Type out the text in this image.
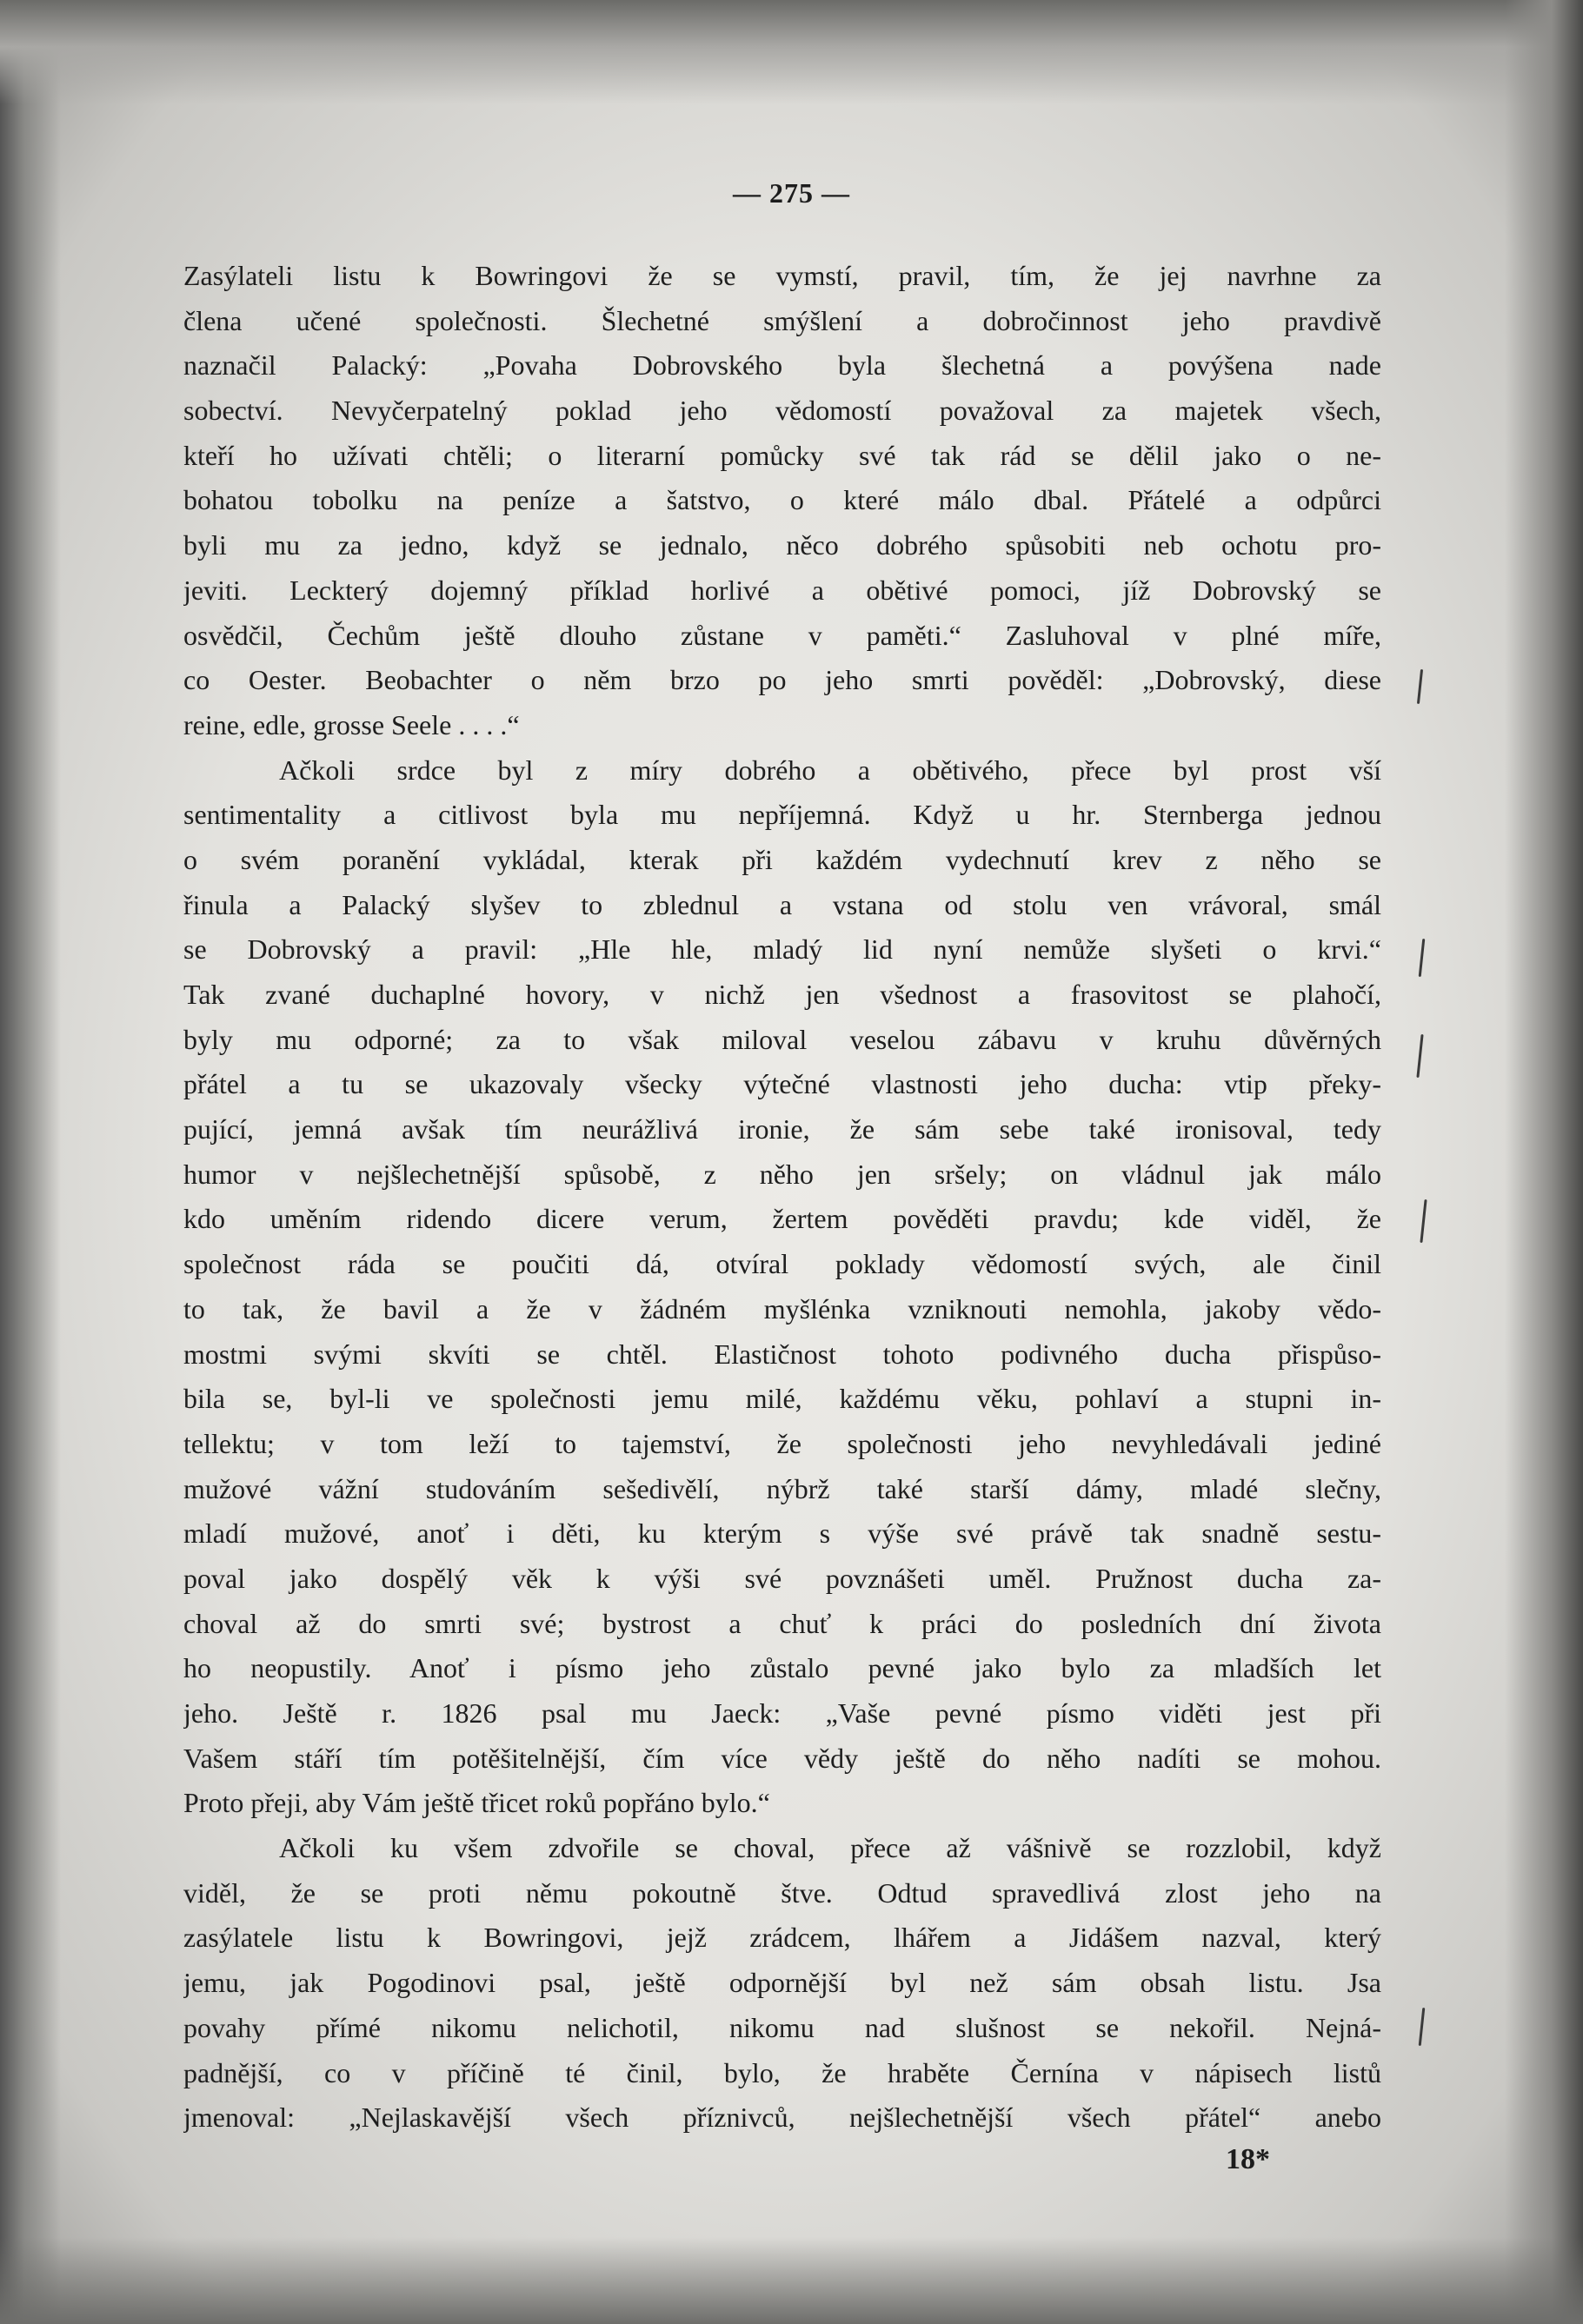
— 275 —
Zasýlateli listu k Bowringovi že se vymstí, pravil, tím, že jej navrhne za
člena učené společnosti. Šlechetné smýšlení a dobročinnost jeho pravdivě
naznačil Palacký: „Povaha Dobrovského byla šlechetná a povýšena nade
sobectví. Nevyčerpatelný poklad jeho vědomostí považoval za majetek všech,
kteří ho užívati chtěli; o literarní pomůcky své tak rád se dělil jako o ne-
bohatou tobolku na peníze a šatstvo, o které málo dbal. Přátelé a odpůrci
byli mu za jedno, když se jednalo, něco dobrého spůsobiti neb ochotu pro-
jeviti. Leckterý dojemný příklad horlivé a obětivé pomoci, jíž Dobrovský se
osvědčil, Čechům ještě dlouho zůstane v paměti.“ Zasluhoval v plné míře,
co Oester. Beobachter o něm brzo po jeho smrti pověděl: „Dobrovský, diese
reine, edle, grosse Seele . . . .“
Ačkoli srdce byl z míry dobrého a obětivého, přece byl prost vší
sentimentality a citlivost byla mu nepříjemná. Když u hr. Sternberga jednou
o svém poranění vykládal, kterak při každém vydechnutí krev z něho se
řinula a Palacký slyšev to zblednul a vstana od stolu ven vrávoral, smál
se Dobrovský a pravil: „Hle hle, mladý lid nyní nemůže slyšeti o krvi.“
Tak zvané duchaplné hovory, v nichž jen všednost a frasovitost se plahočí,
byly mu odporné; za to však miloval veselou zábavu v kruhu důvěrných
přátel a tu se ukazovaly všecky výtečné vlastnosti jeho ducha: vtip překy-
pující, jemná avšak tím neurážlivá ironie, že sám sebe také ironisoval, tedy
humor v nejšlechetnější spůsobě, z něho jen sršely; on vládnul jak málo
kdo uměním ridendo dicere verum, žertem pověděti pravdu; kde viděl, že
společnost ráda se poučiti dá, otvíral poklady vědomostí svých, ale činil
to tak, že bavil a že v žádném myšlénka vzniknouti nemohla, jakoby vědo-
mostmi svými skvíti se chtěl. Elastičnost tohoto podivného ducha přispůso-
bila se, byl-li ve společnosti jemu milé, každému věku, pohlaví a stupni in-
tellektu; v tom leží to tajemství, že společnosti jeho nevyhledávali jediné
mužové vážní studováním sešedivělí, nýbrž také starší dámy, mladé slečny,
mladí mužové, anoť i děti, ku kterým s výše své právě tak snadně sestu-
poval jako dospělý věk k výši své povznášeti uměl. Pružnost ducha za-
choval až do smrti své; bystrost a chuť k práci do posledních dní života
ho neopustily. Anoť i písmo jeho zůstalo pevné jako bylo za mladších let
jeho. Ještě r. 1826 psal mu Jaeck: „Vaše pevné písmo viděti jest při
Vašem stáří tím potěšitelnější, čím více vědy ještě do něho nadíti se mohou.
Proto přeji, aby Vám ještě třicet roků popřáno bylo.“
Ačkoli ku všem zdvořile se choval, přece až vášnivě se rozzlobil, když
viděl, že se proti němu pokoutně štve. Odtud spravedlivá zlost jeho na
zasýlatele listu k Bowringovi, jejž zrádcem, lhářem a Jidášem nazval, který
jemu, jak Pogodinovi psal, ještě odpornější byl než sám obsah listu. Jsa
povahy přímé nikomu nelichotil, nikomu nad slušnost se nekořil. Nejná-
padnější, co v příčině té činil, bylo, že hraběte Černína v nápisech listů
jmenoval: „Nejlaskavější všech příznivců, nejšlechetnější všech přátel“ anebo
18*
